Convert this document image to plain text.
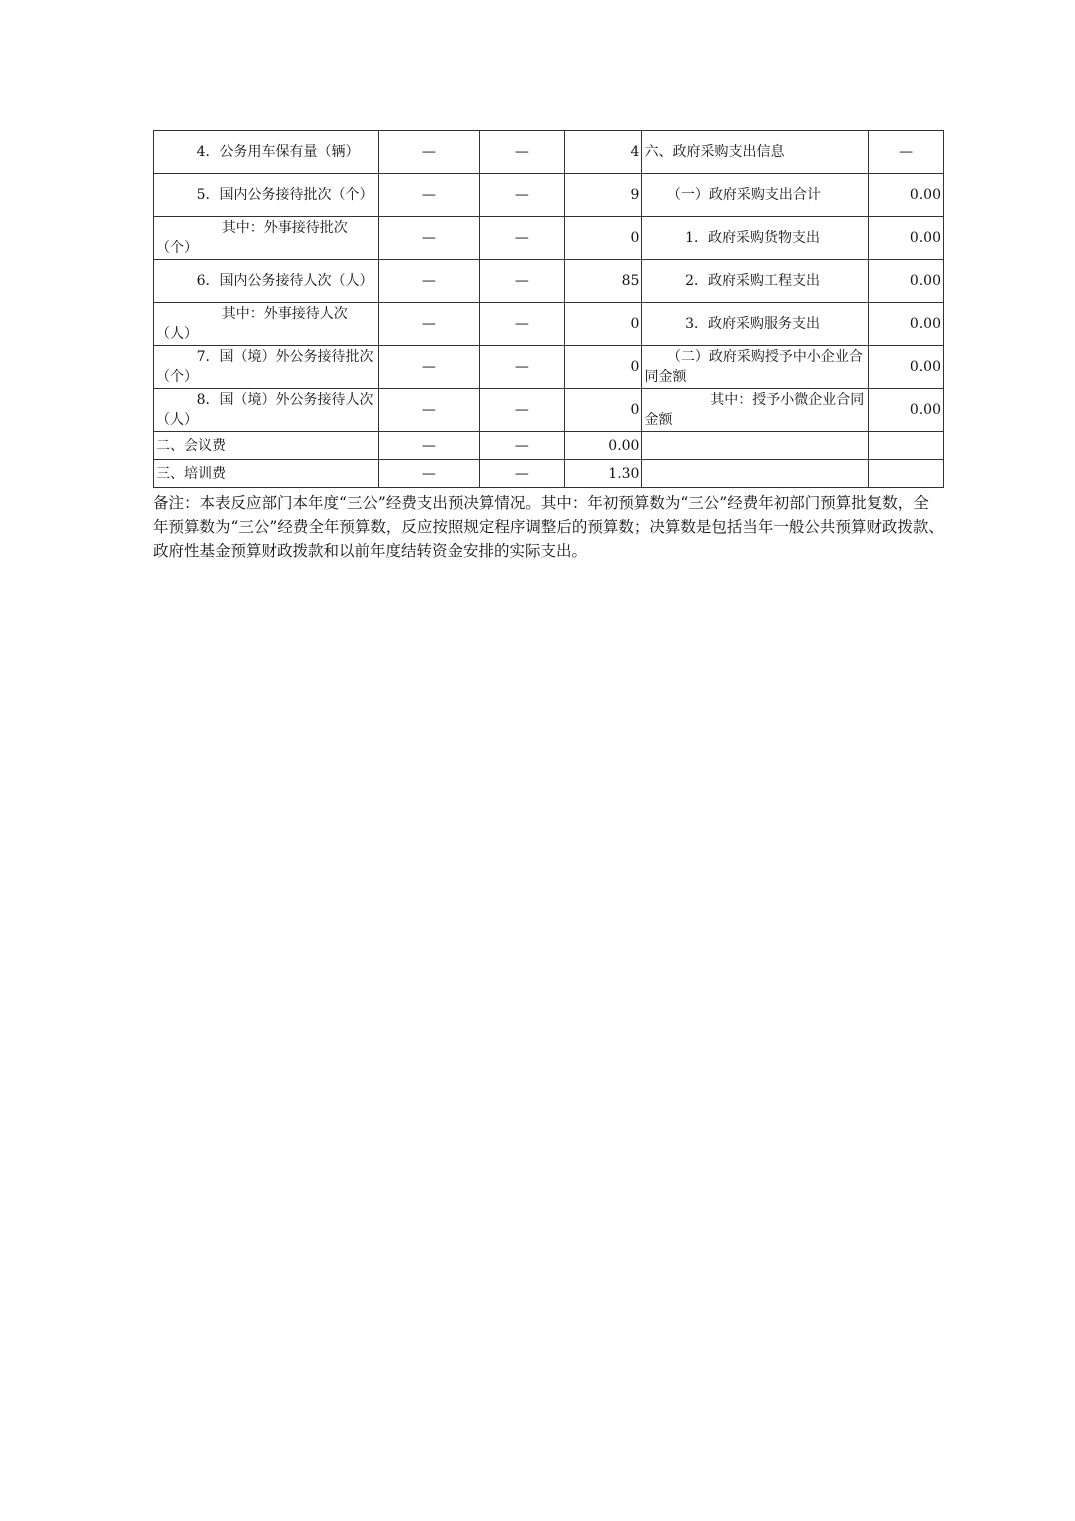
4．公务用车保有量（辆）	—	—	4	六、政府采购支出信息	—
5．国内公务接待批次（个）	—	—	9	（一）政府采购支出合计	0.00
其中：外事接待批次（个）	—	—	0	1．政府采购货物支出	0.00
6．国内公务接待人次（人）	—	—	85	2．政府采购工程支出	0.00
其中：外事接待人次（人）	—	—	0	3．政府采购服务支出	0.00
7．国（境）外公务接待批次（个）	—	—	0	（二）政府采购授予中小企业合同金额	0.00
8．国（境）外公务接待人次（人）	—	—	0	其中：授予小微企业合同金额	0.00
二、会议费	—	—	0.00		
三、培训费	—	—	1.30		

备注：本表反应部门本年度“三公”经费支出预决算情况。其中：年初预算数为“三公”经费年初部门预算批复数，全年预算数为“三公”经费全年预算数，反应按照规定程序调整后的预算数；决算数是包括当年一般公共预算财政拨款、政府性基金预算财政拨款和以前年度结转资金安排的实际支出。
